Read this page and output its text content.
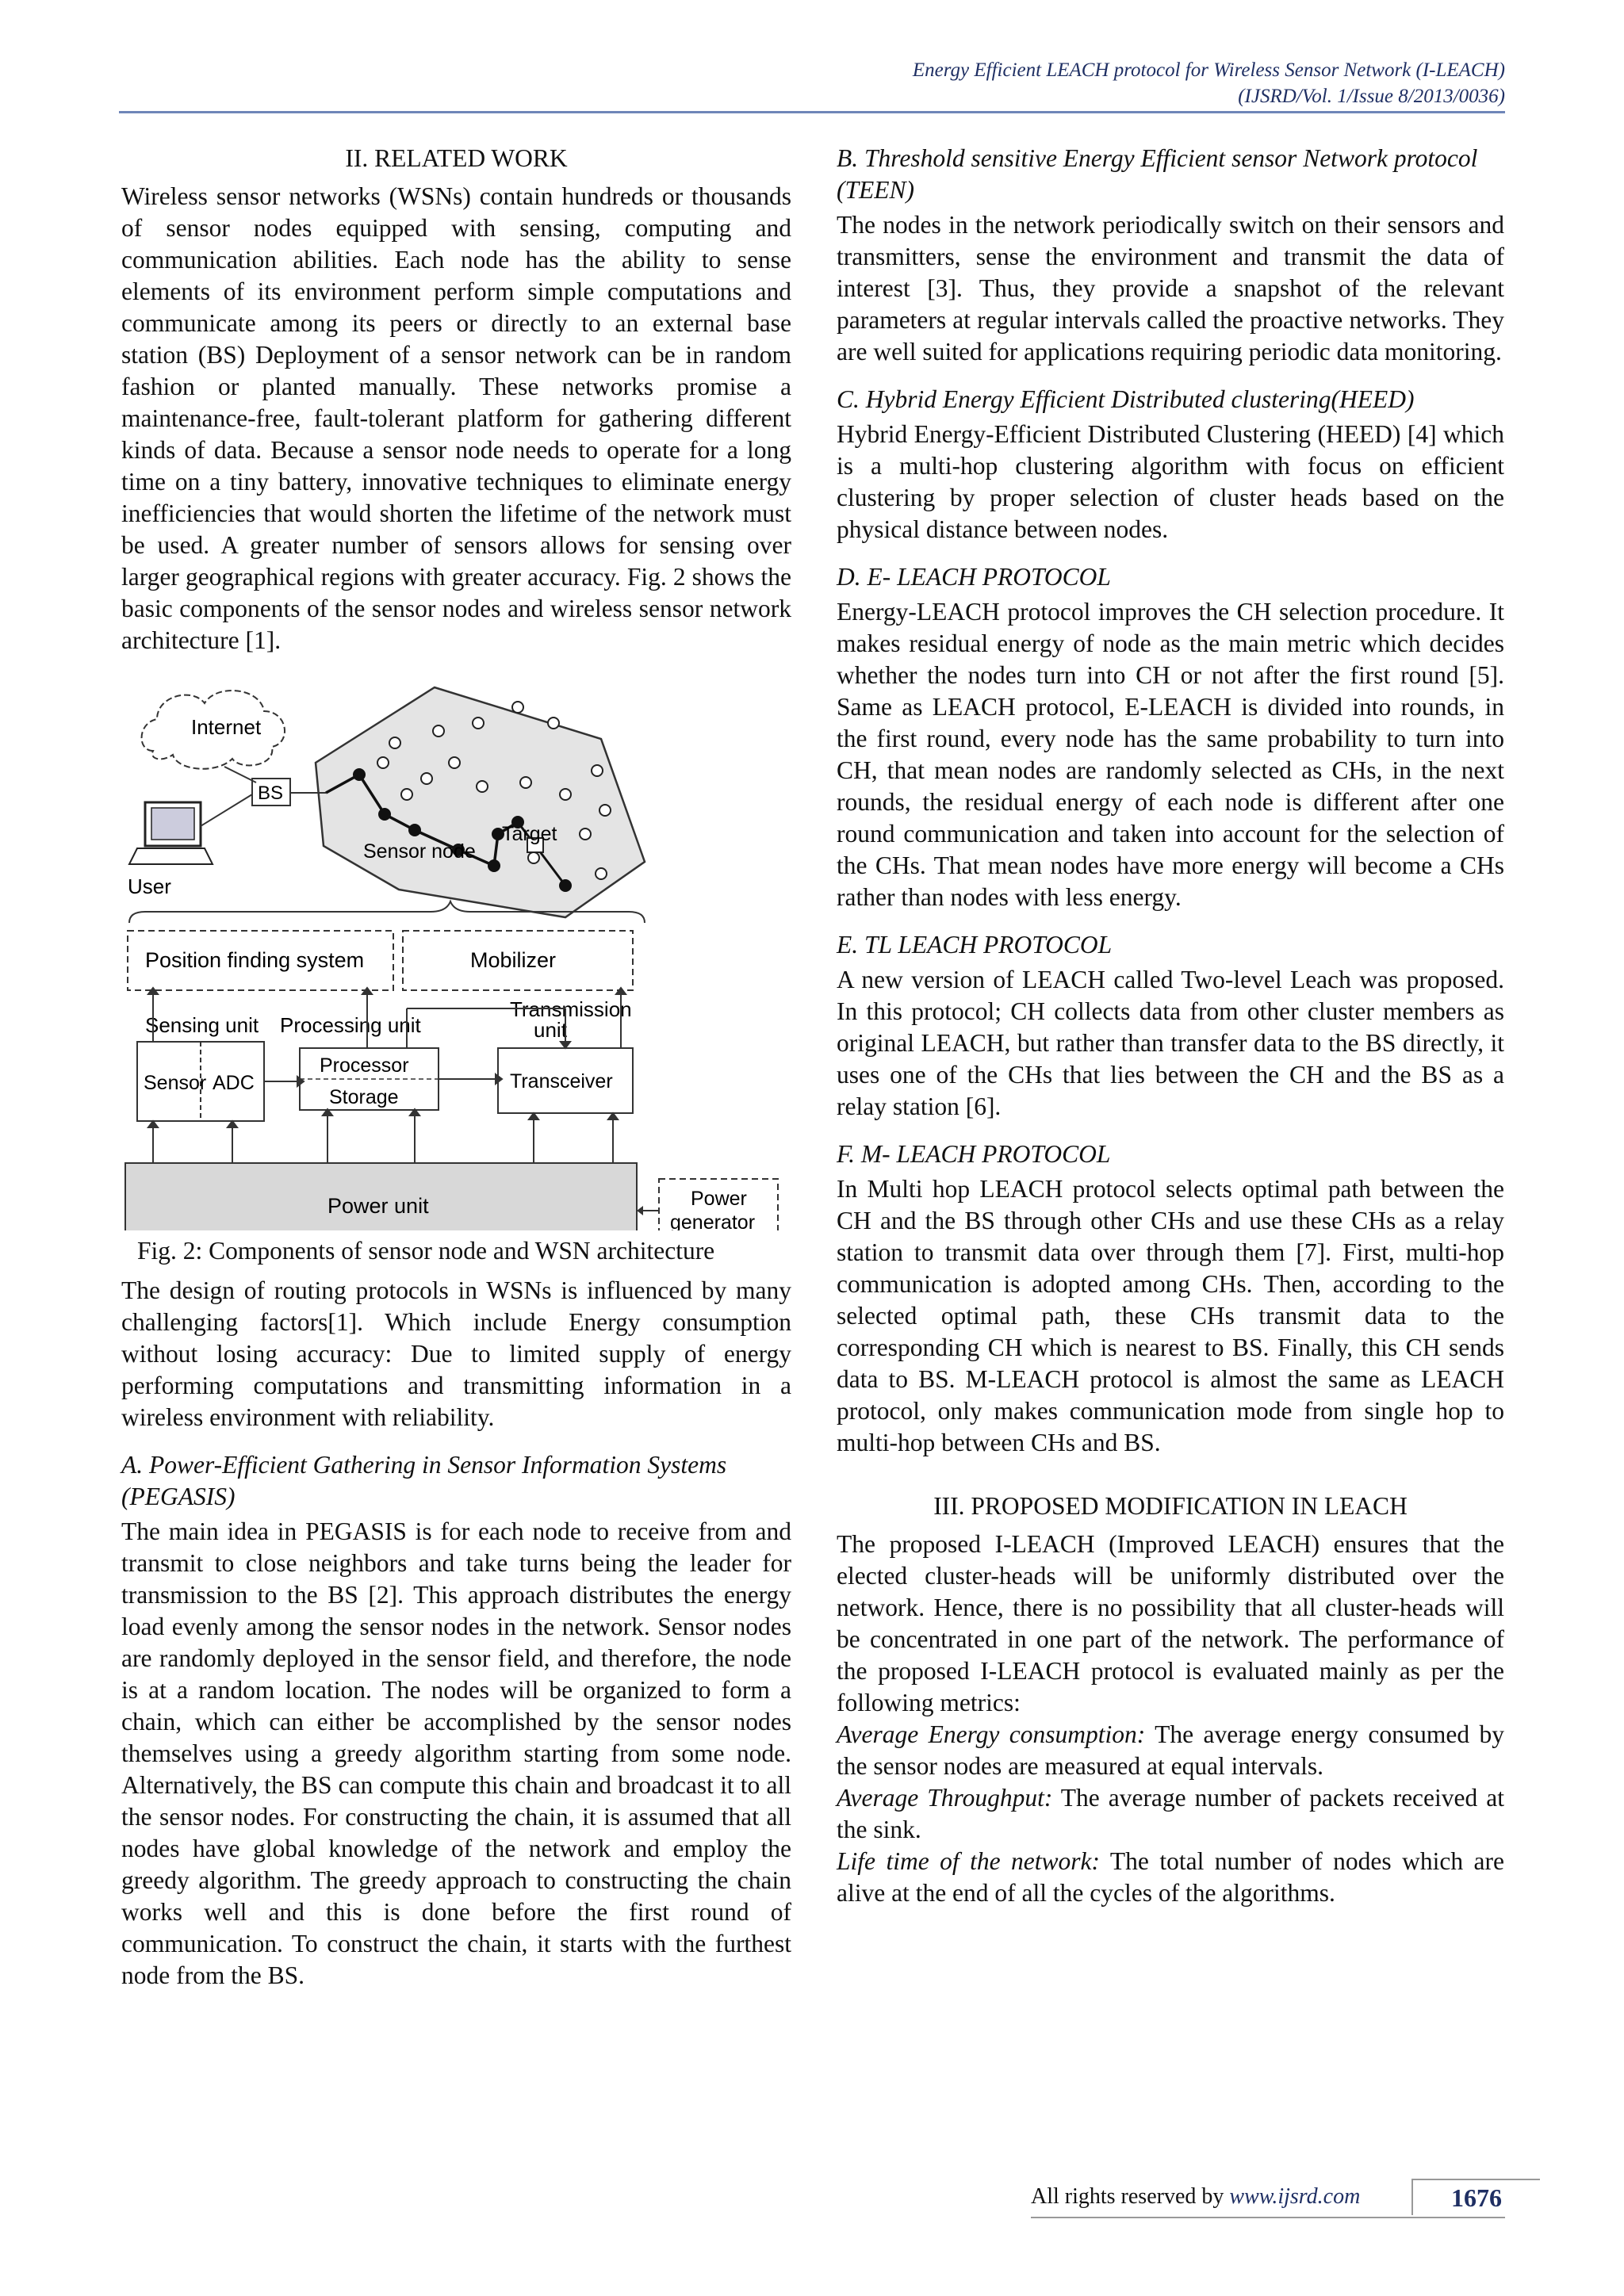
Energy Efficient LEACH protocol for Wireless Sensor Network (I-LEACH)
(IJSRD/Vol. 1/Issue 8/2013/0036)
II. RELATED WORK

Wireless sensor networks (WSNs) contain hundreds or thousands of sensor nodes equipped with sensing, computing and communication abilities. Each node has the ability to sense elements of its environment perform simple computations and communicate among its peers or directly to an external base station (BS) Deployment of a sensor network can be in random fashion or planted manually. These networks promise a maintenance-free, fault-tolerant platform for gathering different kinds of data. Because a sensor node needs to operate for a long time on a tiny battery, innovative techniques to eliminate energy inefficiencies that would shorten the lifetime of the network must be used. A greater number of sensors allows for sensing over larger geographical regions with greater accuracy. Fig. 2 shows the basic components of the sensor nodes and wireless sensor network architecture [1].

Internet
BS
User
Sensor node
Target
Position finding system	Mobilizer
Sensing unit Processing unit
Transmission
unit
Sensor ADC
Processor
Storage
Transceiver
Power unit	Power
generator
Fig. 2: Components of sensor node and WSN architecture

The design of routing protocols in WSNs is influenced by many challenging factors[1]. Which include Energy consumption without losing accuracy: Due to limited supply of energy performing computations and transmitting information in a wireless environment with reliability.

A. Power-Efficient Gathering in Sensor Information Systems (PEGASIS)

The main idea in PEGASIS is for each node to receive from and transmit to close neighbors and take turns being the leader for transmission to the BS [2]. This approach distributes the energy load evenly among the sensor nodes in the network. Sensor nodes are randomly deployed in the sensor field, and therefore, the node is at a random location. The nodes will be organized to form a chain, which can either be accomplished by the sensor nodes themselves using a greedy algorithm starting from some node. Alternatively, the BS can compute this chain and broadcast it to all the sensor nodes. For constructing the chain, it is assumed that all nodes have global knowledge of the network and employ the greedy algorithm. The greedy approach to constructing the chain works well and this is done before the first round of communication. To construct the chain, it starts with the furthest node from the BS.

B. Threshold sensitive Energy Efficient sensor Network protocol (TEEN)

The nodes in the network periodically switch on their sensors and transmitters, sense the environment and transmit the data of interest [3]. Thus, they provide a snapshot of the relevant parameters at regular intervals called the proactive networks. They are well suited for applications requiring periodic data monitoring.

C. Hybrid Energy Efficient Distributed clustering(HEED)

Hybrid Energy-Efficient Distributed Clustering (HEED) [4] which is a multi-hop clustering algorithm with focus on efficient clustering by proper selection of cluster heads based on the physical distance between nodes.

D. E- LEACH PROTOCOL

Energy-LEACH protocol improves the CH selection procedure. It makes residual energy of node as the main metric which decides whether the nodes turn into CH or not after the first round [5]. Same as LEACH protocol, E-LEACH is divided into rounds, in the first round, every node has the same probability to turn into CH, that mean nodes are randomly selected as CHs, in the next rounds, the residual energy of each node is different after one round communication and taken into account for the selection of the CHs. That mean nodes have more energy will become a CHs rather than nodes with less energy.

E. TL LEACH PROTOCOL

A new version of LEACH called Two-level Leach was proposed. In this protocol; CH collects data from other cluster members as original LEACH, but rather than transfer data to the BS directly, it uses one of the CHs that lies between the CH and the BS as a relay station [6].

F. M- LEACH PROTOCOL

In Multi hop LEACH protocol selects optimal path between the CH and the BS through other CHs and use these CHs as a relay station to transmit data over through them [7]. First, multi-hop communication is adopted among CHs. Then, according to the selected optimal path, these CHs transmit data to the corresponding CH which is nearest to BS. Finally, this CH sends data to BS. M-LEACH protocol is almost the same as LEACH protocol, only makes communication mode from single hop to multi-hop between CHs and BS.

III. PROPOSED MODIFICATION IN LEACH

The proposed I-LEACH (Improved LEACH) ensures that the elected cluster-heads will be uniformly distributed over the network. Hence, there is no possibility that all cluster-heads will be concentrated in one part of the network. The performance of the proposed I-LEACH protocol is evaluated mainly as per the following metrics:

Average Energy consumption: The average energy consumed by the sensor nodes are measured at equal intervals.

Average Throughput: The average number of packets received at the sink.

Life time of the network: The total number of nodes which are alive at the end of all the cycles of the algorithms.

All rights reserved by www.ijsrd.com	1676
